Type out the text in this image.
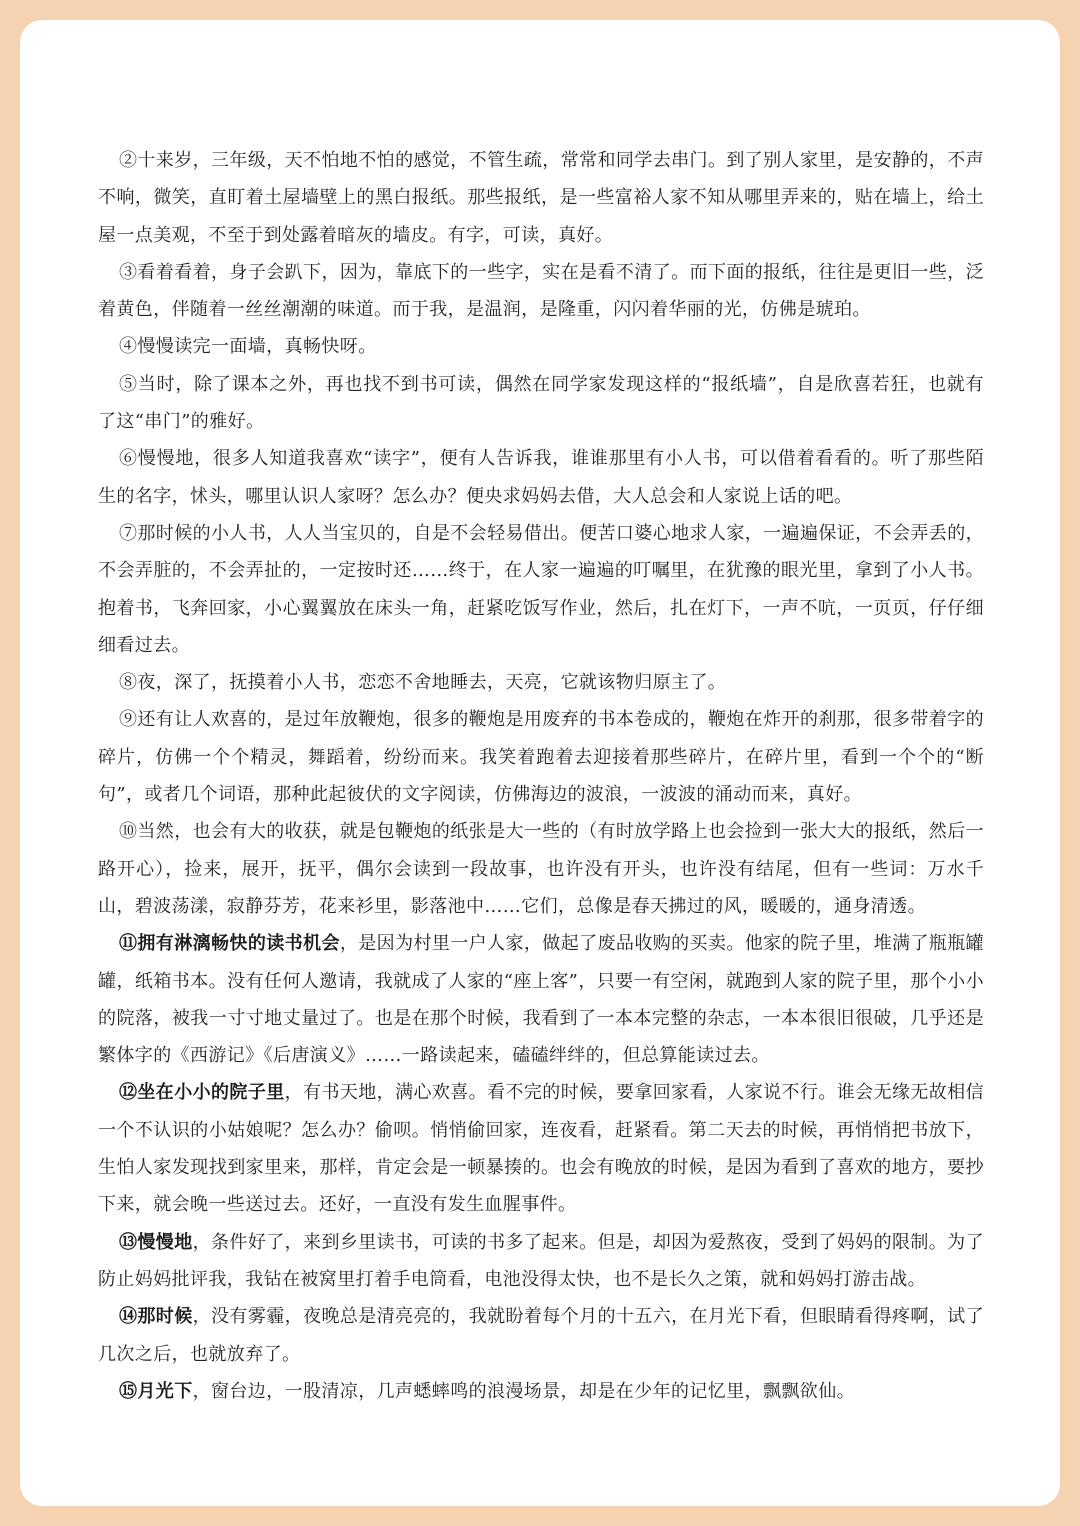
②十来岁，三年级，天不怕地不怕的感觉，不管生疏，常常和同学去串门。到了别人家里，是安静的，不声不响，微笑，直盯着土屋墙壁上的黑白报纸。那些报纸，是一些富裕人家不知从哪里弄来的，贴在墙上，给土屋一点美观，不至于到处露着暗灰的墙皮。有字，可读，真好。
③看着看着，身子会趴下，因为，靠底下的一些字，实在是看不清了。而下面的报纸，往往是更旧一些，泛着黄色，伴随着一丝丝潮潮的味道。而于我，是温润，是隆重，闪闪着华丽的光，仿佛是琥珀。
④慢慢读完一面墙，真畅快呀。
⑤当时，除了课本之外，再也找不到书可读，偶然在同学家发现这样的“报纸墙”，自是欣喜若狂，也就有了这“串门”的雅好。
⑥慢慢地，很多人知道我喜欢“读字”，便有人告诉我，谁谁那里有小人书，可以借着看看的。听了那些陌生的名字，怵头，哪里认识人家呀？怎么办？便央求妈妈去借，大人总会和人家说上话的吧。
⑦那时候的小人书，人人当宝贝的，自是不会轻易借出。便苦口婆心地求人家，一遍遍保证，不会弄丢的，不会弄脏的，不会弄扯的，一定按时还……终于，在人家一遍遍的叮嘱里，在犹豫的眼光里，拿到了小人书。抱着书，飞奔回家，小心翼翼放在床头一角，赶紧吃饭写作业，然后，扎在灯下，一声不吭，一页页，仔仔细细看过去。
⑧夜，深了，抚摸着小人书，恋恋不舍地睡去，天亮，它就该物归原主了。
⑨还有让人欢喜的，是过年放鞭炮，很多的鞭炮是用废弃的书本卷成的，鞭炮在炸开的刹那，很多带着字的碎片，仿佛一个个精灵，舞蹈着，纷纷而来。我笑着跑着去迎接着那些碎片，在碎片里，看到一个个的“断句”，或者几个词语，那种此起彼伏的文字阅读，仿佛海边的波浪，一波波的涌动而来，真好。
⑩当然，也会有大的收获，就是包鞭炮的纸张是大一些的（有时放学路上也会捡到一张大大的报纸，然后一路开心），捡来，展开，抚平，偶尔会读到一段故事，也许没有开头，也许没有结尾，但有一些词：万水千山，碧波荡漾，寂静芬芳，花来衫里，影落池中……它们，总像是春天拂过的风，暖暖的，通身清透。
⑪拥有淋漓畅快的读书机会，是因为村里一户人家，做起了废品收购的买卖。他家的院子里，堆满了瓶瓶罐罐，纸箱书本。没有任何人邀请，我就成了人家的“座上客”，只要一有空闲，就跑到人家的院子里，那个小小的院落，被我一寸寸地丈量过了。也是在那个时候，我看到了一本本完整的杂志，一本本很旧很破，几乎还是繁体字的《西游记》《后唐演义》……一路读起来，磕磕绊绊的，但总算能读过去。
⑫坐在小小的院子里，有书天地，满心欢喜。看不完的时候，要拿回家看，人家说不行。谁会无缘无故相信一个不认识的小姑娘呢？怎么办？偷呗。悄悄偷回家，连夜看，赶紧看。第二天去的时候，再悄悄把书放下，生怕人家发现找到家里来，那样，肯定会是一顿暴揍的。也会有晚放的时候，是因为看到了喜欢的地方，要抄下来，就会晚一些送过去。还好，一直没有发生血腥事件。
⑬慢慢地，条件好了，来到乡里读书，可读的书多了起来。但是，却因为爱熬夜，受到了妈妈的限制。为了防止妈妈批评我，我钻在被窝里打着手电筒看，电池没得太快，也不是长久之策，就和妈妈打游击战。
⑭那时候，没有雾霾，夜晚总是清亮亮的，我就盼着每个月的十五六，在月光下看，但眼睛看得疼啊，试了几次之后，也就放弃了。
⑮月光下，窗台边，一股清凉，几声蟋蟀鸣的浪漫场景，却是在少年的记忆里，飘飘欲仙。
